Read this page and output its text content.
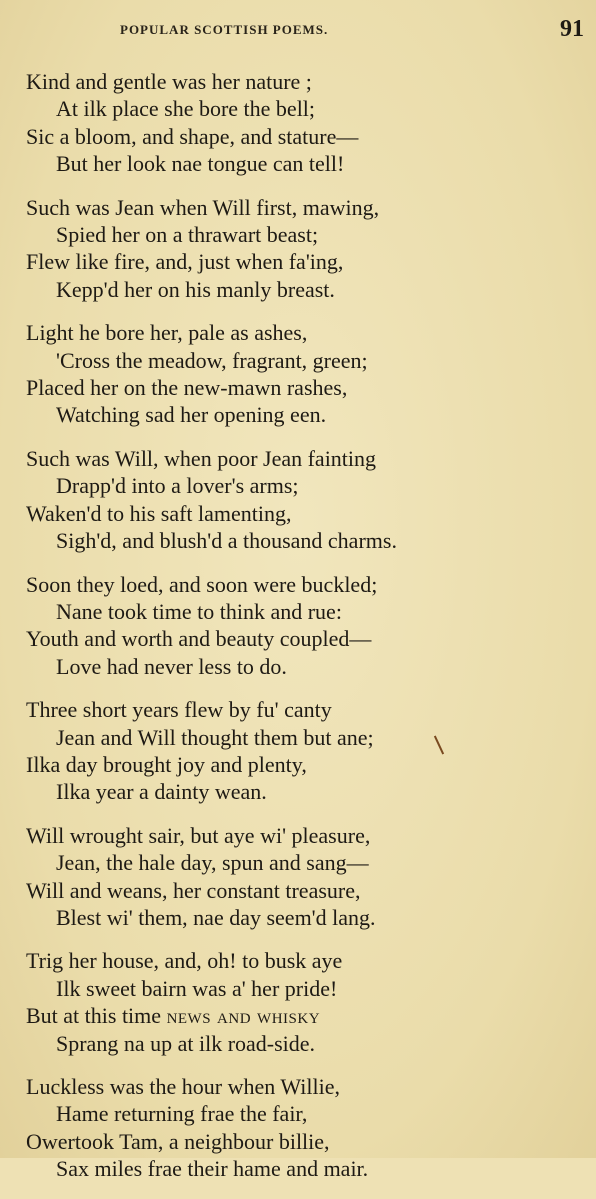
POPULAR SCOTTISH POEMS.	91
Kind and gentle was her nature ;
At ilk place she bore the bell;
Sic a bloom, and shape, and stature—
But her look nae tongue can tell!
Such was Jean when Will first, mawing,
Spied her on a thrawart beast;
Flew like fire, and, just when fa'ing,
Kepp'd her on his manly breast.
Light he bore her, pale as ashes,
'Cross the meadow, fragrant, green;
Placed her on the new-mawn rashes,
Watching sad her opening een.
Such was Will, when poor Jean fainting
Drapp'd into a lover's arms;
Waken'd to his saft lamenting,
Sigh'd, and blush'd a thousand charms.
Soon they loed, and soon were buckled;
Nane took time to think and rue:
Youth and worth and beauty coupled—
Love had never less to do.
Three short years flew by fu' canty
Jean and Will thought them but ane;
Ilka day brought joy and plenty,
Ilka year a dainty wean.
Will wrought sair, but aye wi' pleasure,
Jean, the hale day, spun and sang—
Will and weans, her constant treasure,
Blest wi' them, nae day seem'd lang.
Trig her house, and, oh! to busk aye
Ilk sweet bairn was a' her pride!
But at this time news and whisky
Sprang na up at ilk road-side.
Luckless was the hour when Willie,
Hame returning frae the fair,
Owertook Tam, a neighbour billie,
Sax miles frae their hame and mair.
